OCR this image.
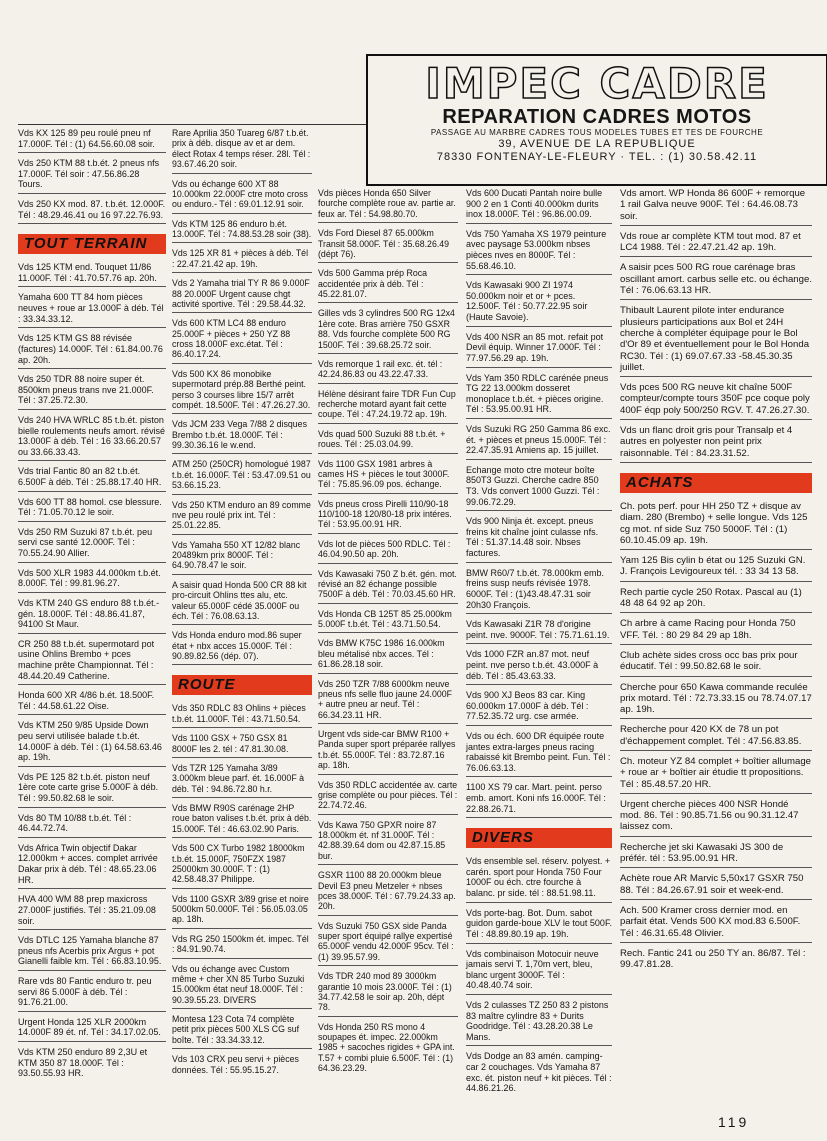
IMPEC CADRE
REPARATION CADRES MOTOS
PASSAGE AU MARBRE CADRES TOUS MODELES TUBES ET TES DE FOURCHE
39, AVENUE DE LA REPUBLIQUE
78330 FONTENAY-LE-FLEURY · TEL. : (1) 30.58.42.11
Vds KX 125 89 peu roulé pneu nf 17.000F. Tél : (1) 64.56.60.08 soir.
Vds 250 KTM 88 t.b.ét. 2 pneus nfs 17.000F. Tél soir : 47.56.86.28 Tours.
Vds 250 KX mod. 87. t.b.ét. 12.000F. Tél : 48.29.46.41 ou 16 97.22.76.93.
TOUT TERRAIN
Vds 125 KTM end. Touquet 11/86 11.000F. Tél : 41.70.57.76 ap. 20h.
Yamaha 600 TT 84 hom pièces neuves + roue ar 13.000F à déb. Tél : 33.34.33.12.
Vds 125 KTM GS 88 révisée (factures) 14.000F. Tél : 61.84.00.76 ap. 20h.
Vds 250 TDR 88 noire super ét. 8500km pneus trans nve 21.000F. Tél : 37.25.72.30.
Vds 240 HVA WRLC 85 t.b.ét. piston bielle roulements neufs amort. révisé 13.000F à déb. Tél : 16 33.66.20.57 ou 33.66.33.43.
Vds trial Fantic 80 an 82 t.b.ét. 6.500F à déb. Tél : 25.88.17.40 HR.
Vds 600 TT 88 homol. cse blessure. Tél : 71.05.70.12 le soir.
Vds 250 RM Suzuki 87 t.b.ét. peu servi cse santé 12.000F. Tél : 70.55.24.90 Allier.
Vds 500 XLR 1983 44.000km t.b.ét. 8.000F. Tél : 99.81.96.27.
Vds KTM 240 GS enduro 88 t.b.ét.-gén. 18.000F. Tél : 48.86.41.87, 94100 St Maur.
CR 250 88 t.b.ét. supermotard pot usine Ohlins Brembo + pces machine prête Championnat. Tél : 48.44.20.49 Catherine.
Honda 600 XR 4/86 b.ét. 18.500F. Tél : 44.58.61.22 Oise.
Vds KTM 250 9/85 Upside Down peu servi utilisée balade t.b.ét. 14.000F à déb. Tél : (1) 64.58.63.46 ap. 19h.
Vds PE 125 82 t.b.ét. piston neuf 1ère cote carte grise 5.000F à déb. Tél : 99.50.82.68 le soir.
Vds 80 TM 10/88 t.b.ét. Tél : 46.44.72.74.
Vds Africa Twin objectif Dakar 12.000km + acces. complet arrivée Dakar prix à déb. Tél : 48.65.23.06 HR.
HVA 400 WM 88 prep maxicross 27.000F justifiés. Tél : 35.21.09.08 soir.
Vds DTLC 125 Yamaha blanche 87 pneus nfs Acerbis prix Argus + pot Gianelli faible km. Tél : 66.83.10.95.
Rare vds 80 Fantic enduro tr. peu servi 86 5.000F à déb. Tél : 91.76.21.00.
Urgent Honda 125 XLR 2000km 14.000F 89 ét. nf. Tél : 34.17.02.05.
Vds KTM 250 enduro 89 2,3U et KTM 350 87 18.000F. Tél : 93.50.55.93 HR.
Rare Aprilia 350 Tuareg 6/87 t.b.ét. prix à déb. disque av et ar dem. élect Rotax 4 temps réser. 28l. Tél : 93.67.46.20 soir.
Vds ou échange 600 XT 88 10.000km 22.000F ctre moto cross ou enduro.- Tél : 69.01.12.91 soir.
Vds KTM 125 86 enduro b.ét. 13.000F. Tél : 74.88.53.28 soir (38).
Vds 125 XR 81 + pièces à déb. Tél : 22.47.21.42 ap. 19h.
Vds 2 Yamaha trial TY R 86 9.000F 88 20.000F Urgent cause chgt activité sportive. Tél : 29.58.44.32.
Vds 600 KTM LC4 88 enduro 25.000F + pièces + 250 YZ 88 cross 18.000F exc.état. Tél : 86.40.17.24.
Vds 500 KX 86 monobike supermotard prép.88 Berthé peint. perso 3 courses libre 15/7 arrêt compét. 18.500F. Tél : 47.26.27.30.
Vds JCM 233 Vega 7/88 2 disques Brembo t.b.ét. 18.000F. Tél : 99.30.36.16 le w.end.
ATM 250 (250CR) homologué 1987 t.b.ét. 16.000F. Tél : 53.47.09.51 ou 53.66.15.23.
Vds 250 KTM enduro an 89 comme nve peu roulé prix int. Tél : 25.01.22.85.
Vds Yamaha 550 XT 12/82 blanc 20489km prix 8000F. Tél : 64.90.78.47 le soir.
A saisir quad Honda 500 CR 88 kit pro-circuit Ohlins ttes alu, etc. valeur 65.000F cédé 35.000F ou éch. Tél : 76.08.63.13.
Vds Honda enduro mod.86 super état + nbx acces 15.000F. Tél : 90.89.82.56 (dép. 07).
ROUTE
Vds 350 RDLC 83 Ohlins + pièces t.b.ét. 11.000F. Tél : 43.71.50.54.
Vds 1100 GSX + 750 GSX 81 8000F les 2. tél : 47.81.30.08.
Vds TZR 125 Yamaha 3/89 3.000km bleue parf. ét. 16.000F à déb. Tél : 94.86.72.80 h.r.
Vds BMW R90S carénage 2HP roue baton valises t.b.ét. prix à déb. 15.000F. Tél : 46.63.02.90 Paris.
Vds 500 CX Turbo 1982 18000km t.b.ét. 15.000F, 750FZX 1987 25000km 30.000F. T : (1) 42.58.48.37 Philippe.
Vds 1100 GSXR 3/89 grise et noire 5000km 50.000F. Tél : 56.05.03.05 ap. 18h.
Vds RG 250 1500km ét. impec. Tél : 84.91.90.74.
Vds ou échange avec Custom même + cher XN 85 Turbo Suzuki 15.000km état neuf 18.000F. Tél : 90.39.55.23. DIVERS
Montesa 123 Cota 74 complète petit prix pièces 500 XLS CG suf boîte. Tél : 33.34.33.12.
Vds 103 CRX peu servi + pièces données. Tél : 55.95.15.27.
Vds pièces Honda 650 Silver fourche complète roue av. partie ar. feux ar. Tél : 54.98.80.70.
Vds Ford Diesel 87 65.000km Transit 58.000F. Tél : 35.68.26.49 (dépt 76).
Vds 500 Gamma prép Roca accidentée prix à déb. Tél : 45.22.81.07.
Gilles vds 3 cylindres 500 RG 12x4 1ère cote. Bras arrière 750 GSXR 88. Vds fourche complète 500 RG 1500F. Tél : 39.68.25.72 soir.
Vds remorque 1 rail exc. ét. tél : 42.24.86.83 ou 43.22.47.33.
Hélène désirant faire TDR Fun Cup recherche motard ayant fait cette coupe. Tél : 47.24.19.72 ap. 19h.
Vds quad 500 Suzuki 88 t.b.ét. + roues. Tél : 25.03.04.99.
Vds 1100 GSX 1981 arbres à cames HS + pièces le tout 3000F. Tél : 75.85.96.09 pos. échange.
Vds pneus cross Pirelli 110/90-18 110/100-18 120/80-18 prix intéres. Tél : 53.95.00.91 HR.
Vds lot de pièces 500 RDLC. Tél : 46.04.90.50 ap. 20h.
Vds Kawasaki 750 Z b.ét. gén. mot. révisé an 82 échange possible 7500F à déb. Tél : 70.03.45.60 HR.
Vds Honda CB 125T 85 25.000km 5.000F t.b.ét. Tél : 43.71.50.54.
Vds BMW K75C 1986 16.000km bleu métalisé nbx acces. Tél : 61.86.28.18 soir.
Vds 250 TZR 7/88 6000km neuve pneus nfs selle fluo jaune 24.000F + autre pneu ar neuf. Tél : 66.34.23.11 HR.
Urgent vds side-car BMW R100 + Panda super sport préparée rallyes t.b.ét. 55.000F. Tél : 83.72.87.16 ap. 18h.
Vds 350 RDLC accidentée av. carte grise complète ou pour pièces. Tél : 22.74.72.46.
Vds Kawa 750 GPXR noire 87 18.000km ét. nf 31.000F. Tél : 42.88.39.64 dom ou 42.87.15.85 bur.
GSXR 1100 88 20.000km bleue Devil E3 pneu Metzeler + nbses pces 38.000F. Tél : 67.79.24.33 ap. 20h.
Vds Suzuki 750 GSX side Panda super sport équipé rallye expertisé 65.000F vendu 42.000F 95cv. Tél : (1) 39.95.57.99.
Vds TDR 240 mod 89 3000km garantie 10 mois 23.000F. Tél : (1) 34.77.42.58 le soir ap. 20h, dépt 78.
Vds Honda 250 RS mono 4 soupapes ét. impec. 22.000km 1985 + sacoches rigides + GPA int. T.57 + combi pluie 6.500F. Tél : (1) 64.36.23.29.
Vds 600 Ducati Pantah noire bulle 900 2 en 1 Conti 40.000km durits inox 18.000F. Tél : 96.86.00.09.
Vds 750 Yamaha XS 1979 peinture avec paysage 53.000km nbses pièces nves en 8000F. Tél : 55.68.46.10.
Vds Kawasaki 900 ZI 1974 50.000km noir et or + pces. 12.500F. Tél : 50.77.22.95 soir (Haute Savoie).
Vds 400 NSR an 85 mot. refait pot Devil équip. Winner 17.000F. Tél : 77.97.56.29 ap. 19h.
Vds Yam 350 RDLC carénée pneus TG 22 13.000km dosseret monoplace t.b.ét. + pièces origine. Tél : 53.95.00.91 HR.
Vds Suzuki RG 250 Gamma 86 exc. ét. + pièces et pneus 15.000F. Tél : 22.47.35.91 Amiens ap. 15 juillet.
Echange moto ctre moteur boîte 850T3 Guzzi. Cherche cadre 850 T3. Vds convert 1000 Guzzi. Tél : 99.06.72.29.
Vds 900 Ninja ét. except. pneus freins kit chaîne joint culasse nfs. Tél : 51.37.14.48 soir. Nbses factures.
BMW R60/7 t.b.ét. 78.000km emb. freins susp neufs révisée 1978. 6000F. Tél : (1)43.48.47.31 soir 20h30 François.
Vds Kawasaki Z1R 78 d'origine peint. nve. 9000F. Tél : 75.71.61.19.
Vds 1000 FZR an.87 mot. neuf peint. nve perso t.b.ét. 43.000F à déb. Tél : 85.43.63.33.
Vds 900 XJ Beos 83 car. King 60.000km 17.000F à déb. Tél : 77.52.35.72 urg. cse armée.
Vds ou éch. 600 DR équipée route jantes extra-larges pneus racing rabaissé kit Brembo peint. Fun. Tél : 76.06.63.13.
1100 XS 79 car. Mart. peint. perso emb. amort. Koni nfs 16.000F. Tél : 22.88.26.71.
DIVERS
Vds ensemble sel. réserv. polyest. + carén. sport pour Honda 750 Four 1000F ou éch. ctre fourche à balanc. pr side. tél : 88.51.98.11.
Vds porte-bag. Bot. Dum. sabot guidon garde-boue XLV le tout 500F. Tél : 48.89.80.19 ap. 19h.
Vds combinaison Motocuir neuve jamais servi T. 1,70m vert, bleu, blanc urgent 3000F. Tél : 40.48.40.74 soir.
Vds 2 culasses TZ 250 83 2 pistons 83 maître cylindre 83 + Durits Goodridge. Tél : 43.28.20.38 Le Mans.
Vds Dodge an 83 amén. camping-car 2 couchages. Vds Yamaha 87 exc. ét. piston neuf + kit pièces. Tél : 44.86.21.26.
Vds amort. WP Honda 86 600F + remorque 1 rail Galva neuve 900F. Tél : 64.46.08.73 soir.
Vds roue ar complète KTM tout mod. 87 et LC4 1988. Tél : 22.47.21.42 ap. 19h.
A saisir pces 500 RG roue carénage bras oscillant amort. carbus selle etc. ou échange. Tél : 76.06.63.13 HR.
Thibault Laurent pilote inter endurance plusieurs participations aux Bol et 24H cherche à compléter équipage pour le Bol d'Or 89 et éventuellement pour le Bol Honda RC30. Tél : (1) 69.07.67.33 -58.45.30.35 juillet.
Vds pces 500 RG neuve kit chaîne 500F compteur/compte tours 350F pce coque poly 400F éqp poly 500/250 RGV. T. 47.26.27.30.
Vds un flanc droit gris pour Transalp et 4 autres en polyester non peint prix raisonnable. Tél : 84.23.31.52.
ACHATS
Ch. pots perf. pour HH 250 TZ + disque av diam. 280 (Brembo) + selle longue. Vds 125 cg mot. nf side Suz 750 5000F. Tél : (1) 60.10.45.09 ap. 19h.
Yam 125 Bis cylin b état ou 125 Suzuki GN. J. François Levigoureux tél. : 33 34 13 58.
Rech partie cycle 250 Rotax. Pascal au (1) 48 48 64 92 ap 20h.
Ch arbre à came Racing pour Honda 750 VFF. Tél. : 80 29 84 29 ap 18h.
Club achète sides cross occ bas prix pour éducatif. Tél : 99.50.82.68 le soir.
Cherche pour 650 Kawa commande reculée prix motard. Tél : 72.73.33.15 ou 78.74.07.17 ap. 19h.
Recherche pour 420 KX de 78 un pot d'échappement complet. Tél : 47.56.83.85.
Ch. moteur YZ 84 complet + boîtier allumage + roue ar + boîtier air étudie tt propositions. Tél : 85.48.57.20 HR.
Urgent cherche pièces 400 NSR Hondé mod. 86. Tél : 90.85.71.56 ou 90.31.12.47 laissez com.
Recherche jet ski Kawasaki JS 300 de préfér. tél : 53.95.00.91 HR.
Achète roue AR Marvic 5,50x17 GSXR 750 88. Tél : 84.26.67.91 soir et week-end.
Ach. 500 Kramer cross dernier mod. en parfait état. Vends 500 KX mod.83 6.500F. Tél : 46.31.65.48 Olivier.
Rech. Fantic 241 ou 250 TY an. 86/87. Tél : 99.47.81.28.
119
